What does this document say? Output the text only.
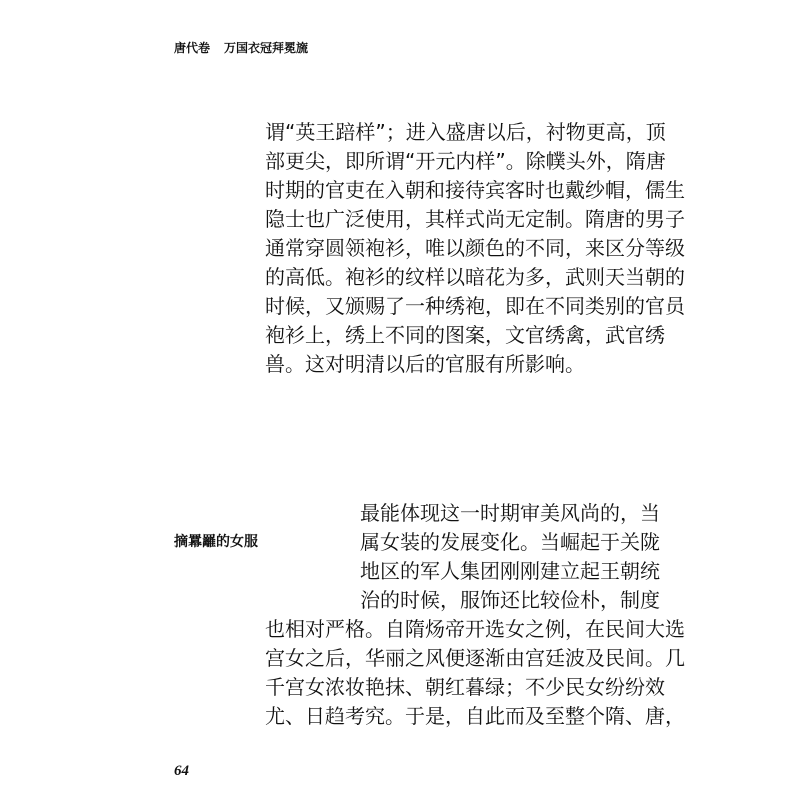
唐代卷 万国衣冠拜冕旒
谓“英王踣样”；进入盛唐以后，衬物更高，顶
部更尖，即所谓“开元内样”。除幞头外，隋唐
时期的官吏在入朝和接待宾客时也戴纱帽，儒生
隐士也广泛使用，其样式尚无定制。隋唐的男子
通常穿圆领袍衫，唯以颜色的不同，来区分等级
的高低。袍衫的纹样以暗花为多，武则天当朝的
时候，又颁赐了一种绣袍，即在不同类别的官员
袍衫上，绣上不同的图案，文官绣禽，武官绣
兽。这对明清以后的官服有所影响。
摘羃䍦的女服
最能体现这一时期审美风尚的，当
属女装的发展变化。当崛起于关陇
地区的军人集团刚刚建立起王朝统
治的时候，服饰还比较俭朴，制度
也相对严格。自隋炀帝开选女之例，在民间大选
宫女之后，华丽之风便逐渐由宫廷波及民间。几
千宫女浓妆艳抹、朝红暮绿；不少民女纷纷效
尤、日趋考究。于是，自此而及至整个隋、唐，
64
